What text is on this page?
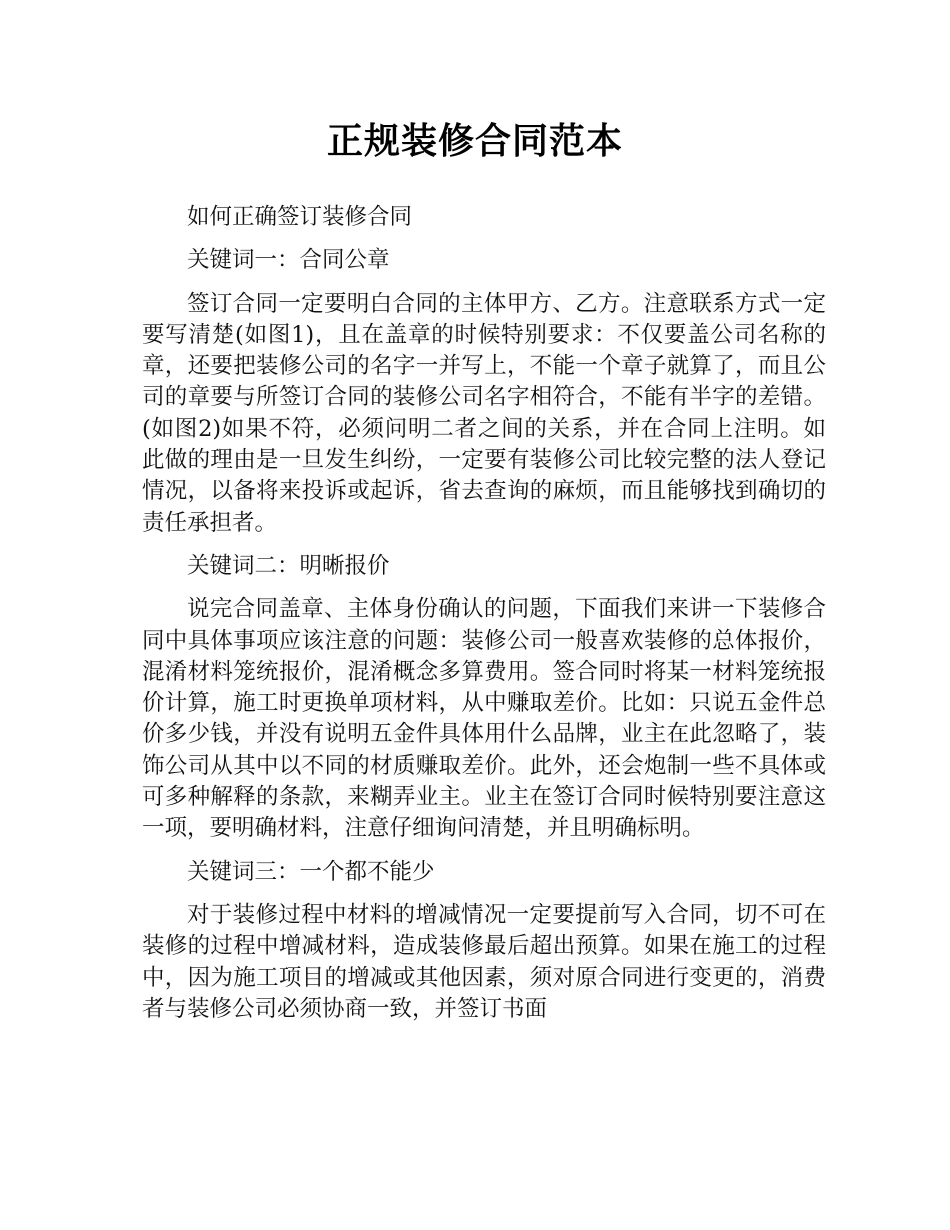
正规装修合同范本

如何正确签订装修合同

关键词一：合同公章

签订合同一定要明白合同的主体甲方、乙方。注意联系方式一定要写清楚(如图1)，且在盖章的时候特别要求：不仅要盖公司名称的章，还要把装修公司的名字一并写上，不能一个章子就算了，而且公司的章要与所签订合同的装修公司名字相符合，不能有半字的差错。(如图2)如果不符，必须问明二者之间的关系，并在合同上注明。如此做的理由是一旦发生纠纷，一定要有装修公司比较完整的法人登记情况，以备将来投诉或起诉，省去查询的麻烦，而且能够找到确切的责任承担者。

关键词二：明晰报价

说完合同盖章、主体身份确认的问题，下面我们来讲一下装修合同中具体事项应该注意的问题：装修公司一般喜欢装修的总体报价，混淆材料笼统报价，混淆概念多算费用。签合同时将某一材料笼统报价计算，施工时更换单项材料，从中赚取差价。比如：只说五金件总价多少钱，并没有说明五金件具体用什么品牌，业主在此忽略了，装饰公司从其中以不同的材质赚取差价。此外，还会炮制一些不具体或可多种解释的条款，来糊弄业主。业主在签订合同时候特别要注意这一项，要明确材料，注意仔细询问清楚，并且明确标明。

关键词三：一个都不能少

对于装修过程中材料的增减情况一定要提前写入合同，切不可在装修的过程中增减材料，造成装修最后超出预算。如果在施工的过程中，因为施工项目的增减或其他因素，须对原合同进行变更的，消费者与装修公司必须协商一致，并签订书面
